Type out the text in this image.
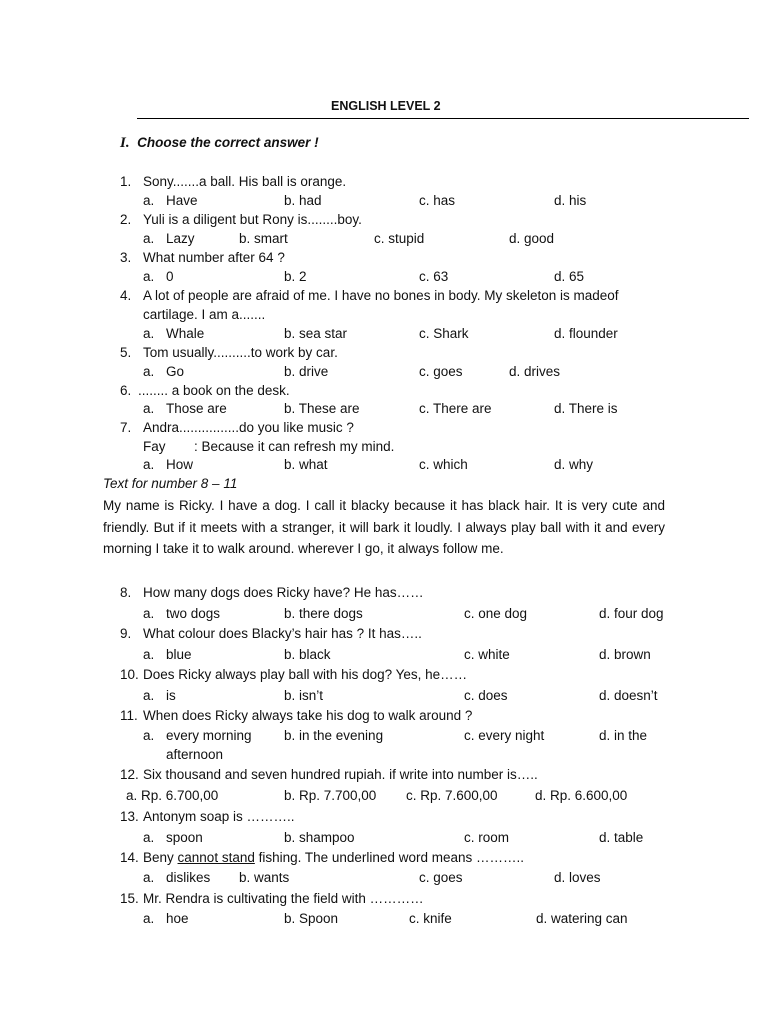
ENGLISH LEVEL 2
I. Choose the correct answer !
1. Sony.......a ball. His ball is orange.
a. Have	b. had	c. has	d. his
2. Yuli is a diligent but Rony is........boy.
a. Lazy	b. smart	c. stupid	d. good
3. What number after 64 ?
a. 0	b. 2	c. 63	d. 65
4. A lot of people are afraid of me. I have no bones in body. My skeleton is madeof
cartilage. I am a.......
a. Whale	b. sea star	c. Shark	d. flounder
5. Tom usually..........to work by car.
a. Go	b. drive	c. goes	d. drives
6. ........ a book on the desk.
a. Those are	b. These are	c. There are	d. There is
7. Andra................do you like music ?
Fay : Because it can refresh my mind.
a. How	b. what	c. which	d. why
Text for number 8 – 11
My name is Ricky. I have a dog. I call it blacky because it has black hair. It is very cute and friendly. But if it meets with a stranger, it will bark it loudly. I always play ball with it and every morning I take it to walk around. wherever I go, it always follow me.
8. How many dogs does Ricky have? He has……
a. two dogs	b. there dogs	c. one dog	d. four dog
9. What colour does Blacky’s hair has ? It has…..
a. blue	b. black	c. white	d. brown
10. Does Ricky always play ball with his dog? Yes, he……
a. is	b. isn’t	c. does	d. doesn’t
11. When does Ricky always take his dog to walk around ?
a. every morning b. in the evening	c. every night	d. in the
afternoon
12. Six thousand and seven hundred rupiah. if write into number is…..
a. Rp. 6.700,00	b. Rp. 7.700,00 c. Rp. 7.600,00	d. Rp. 6.600,00
13. Antonym soap is ………..
a. spoon	b. shampoo	c. room	d. table
14. Beny cannot stand fishing. The underlined word means ………..
a. dislikes b. wants	c. goes	d. loves
15. Mr. Rendra is cultivating the field with …………
a. hoe	b. Spoon	c. knife	d. watering can
